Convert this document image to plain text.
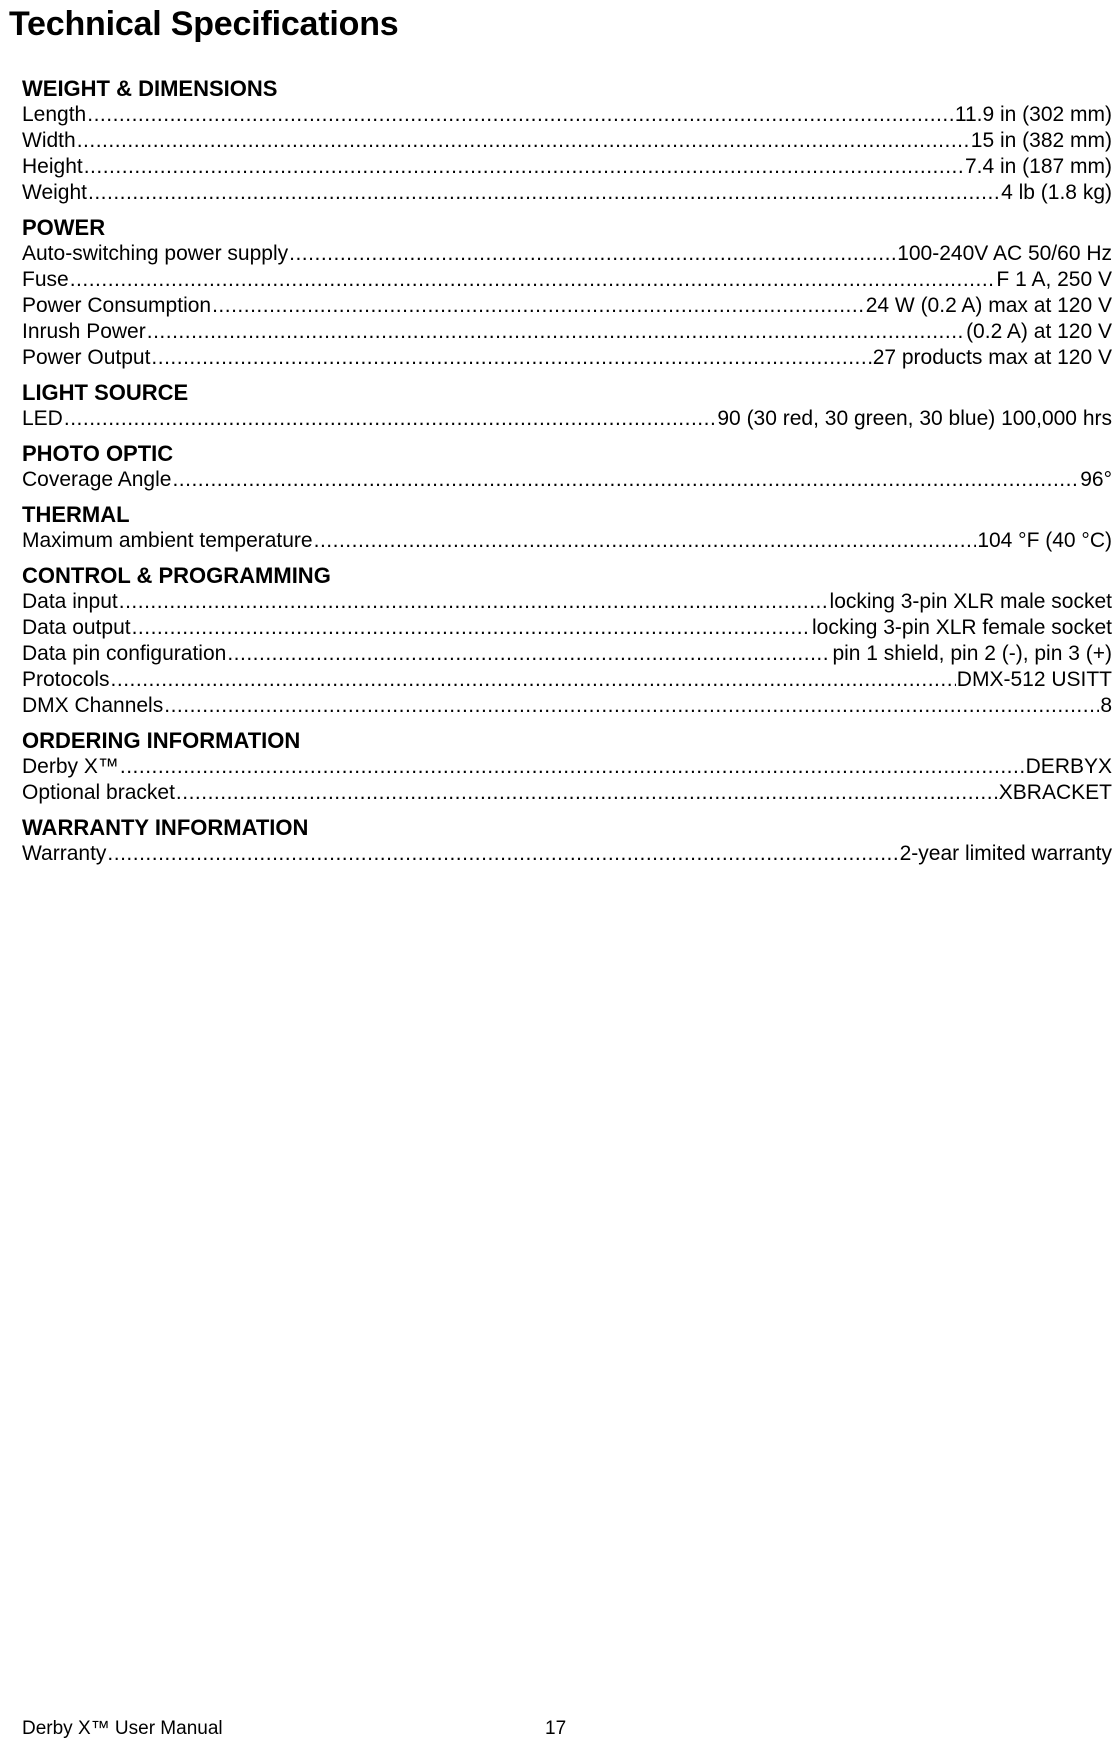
Technical Specifications
WEIGHT & DIMENSIONS
Length .....	11.9 in (302 mm)
Width .....	15 in (382 mm)
Height .....	7.4 in (187 mm)
Weight .....	4 lb (1.8 kg)
POWER
Auto-switching power supply .....	100-240V AC 50/60 Hz
Fuse .....	F 1 A, 250 V
Power Consumption .....	24 W (0.2 A) max at 120 V
Inrush Power .....	(0.2 A) at 120 V
Power Output .....	27 products max at 120 V
LIGHT SOURCE
LED .....	90 (30 red, 30 green, 30 blue) 100,000 hrs
PHOTO OPTIC
Coverage Angle .....	96°
THERMAL
Maximum ambient temperature .....	104 °F (40 °C)
CONTROL & PROGRAMMING
Data input .....	locking 3-pin XLR male socket
Data output .....	locking 3-pin XLR female socket
Data pin configuration .....	pin 1 shield, pin 2 (-), pin 3 (+)
Protocols .....	DMX-512 USITT
DMX Channels .....	8
ORDERING INFORMATION
Derby X™ .....	DERBYX
Optional bracket .....	XBRACKET
WARRANTY INFORMATION
Warranty .....	2-year limited warranty
Derby X™ User Manual	17
